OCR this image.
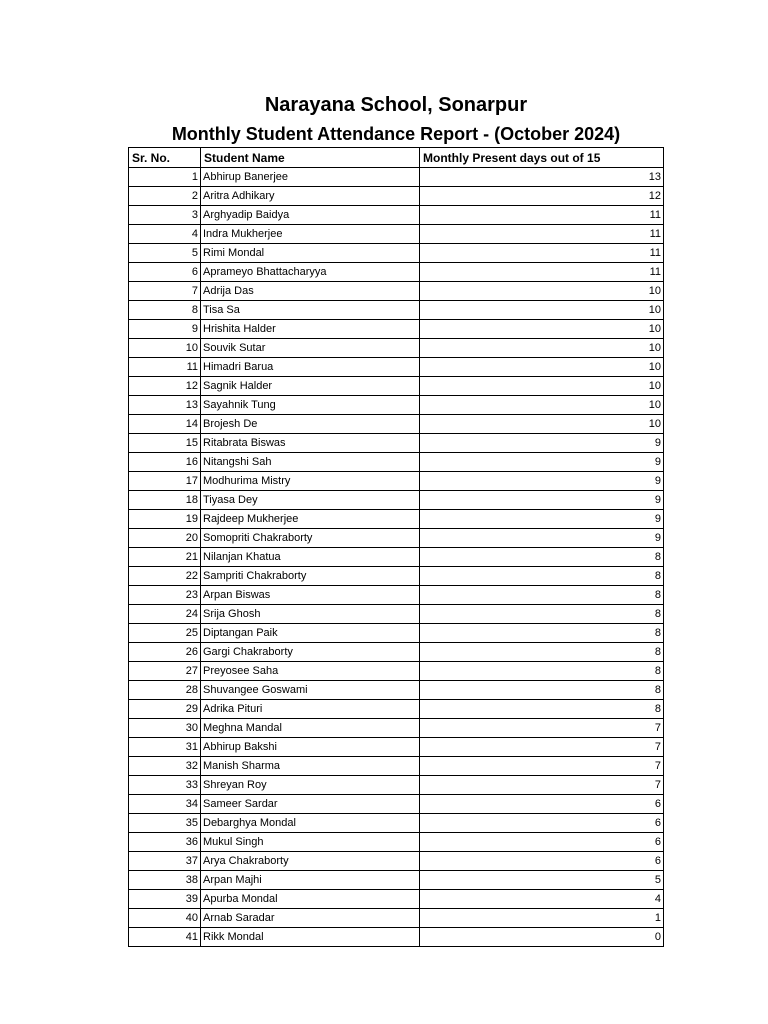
Narayana School, Sonarpur
Monthly Student Attendance Report - (October 2024)
Sr. No.	Student Name	Monthly Present days out of 15
1	Abhirup Banerjee	13
2	Aritra Adhikary	12
3	Arghyadip Baidya	11
4	Indra Mukherjee	11
5	Rimi Mondal	11
6	Aprameyo Bhattacharyya	11
7	Adrija Das	10
8	Tisa Sa	10
9	Hrishita Halder	10
10	Souvik Sutar	10
11	Himadri Barua	10
12	Sagnik Halder	10
13	Sayahnik Tung	10
14	Brojesh De	10
15	Ritabrata Biswas	9
16	Nitangshi Sah	9
17	Modhurima Mistry	9
18	Tiyasa Dey	9
19	Rajdeep Mukherjee	9
20	Somopriti Chakraborty	9
21	Nilanjan Khatua	8
22	Sampriti Chakraborty	8
23	Arpan Biswas	8
24	Srija Ghosh	8
25	Diptangan Paik	8
26	Gargi Chakraborty	8
27	Preyosee Saha	8
28	Shuvangee Goswami	8
29	Adrika Pituri	8
30	Meghna Mandal	7
31	Abhirup Bakshi	7
32	Manish Sharma	7
33	Shreyan Roy	7
34	Sameer Sardar	6
35	Debarghya Mondal	6
36	Mukul Singh	6
37	Arya Chakraborty	6
38	Arpan Majhi	5
39	Apurba Mondal	4
40	Arnab Saradar	1
41	Rikk Mondal	0
